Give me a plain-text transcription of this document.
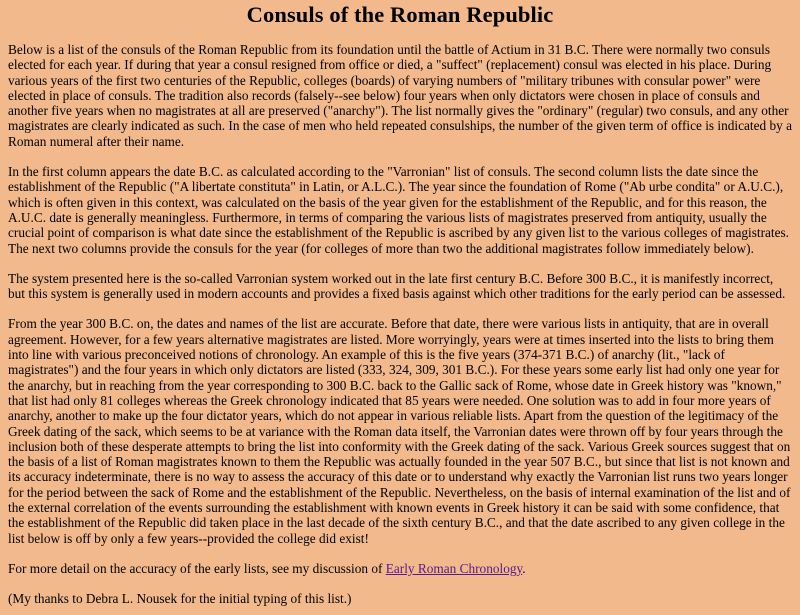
Consuls of the Roman Republic

Below is a list of the consuls of the Roman Republic from its foundation until the battle of Actium in 31 B.C. There were normally two consuls elected for each year. If during that year a consul resigned from office or died, a "suffect" (replacement) consul was elected in his place. During various years of the first two centuries of the Republic, colleges (boards) of varying numbers of "military tribunes with consular power" were elected in place of consuls. The tradition also records (falsely--see below) four years when only dictators were chosen in place of consuls and another five years when no magistrates at all are preserved ("anarchy"). The list normally gives the "ordinary" (regular) two consuls, and any other magistrates are clearly indicated as such. In the case of men who held repeated consulships, the number of the given term of office is indicated by a Roman numeral after their name.

In the first column appears the date B.C. as calculated according to the "Varronian" list of consuls. The second column lists the date since the establishment of the Republic ("A libertate constituta" in Latin, or A.L.C.). The year since the foundation of Rome ("Ab urbe condita" or A.U.C.), which is often given in this context, was calculated on the basis of the year given for the establishment of the Republic, and for this reason, the A.U.C. date is generally meaningless. Furthermore, in terms of comparing the various lists of magistrates preserved from antiquity, usually the crucial point of comparison is what date since the establishment of the Republic is ascribed by any given list to the various colleges of magistrates. The next two columns provide the consuls for the year (for colleges of more than two the additional magistrates follow immediately below).

The system presented here is the so-called Varronian system worked out in the late first century B.C. Before 300 B.C., it is manifestly incorrect, but this system is generally used in modern accounts and provides a fixed basis against which other traditions for the early period can be assessed.

From the year 300 B.C. on, the dates and names of the list are accurate. Before that date, there were various lists in antiquity, that are in overall agreement. However, for a few years alternative magistrates are listed. More worryingly, years were at times inserted into the lists to bring them into line with various preconceived notions of chronology. An example of this is the five years (374-371 B.C.) of anarchy (lit., "lack of magistrates") and the four years in which only dictators are listed (333, 324, 309, 301 B.C.). For these years some early list had only one year for the anarchy, but in reaching from the year corresponding to 300 B.C. back to the Gallic sack of Rome, whose date in Greek history was "known," that list had only 81 colleges whereas the Greek chronology indicated that 85 years were needed. One solution was to add in four more years of anarchy, another to make up the four dictator years, which do not appear in various reliable lists. Apart from the question of the legitimacy of the Greek dating of the sack, which seems to be at variance with the Roman data itself, the Varronian dates were thrown off by four years through the inclusion both of these desperate attempts to bring the list into conformity with the Greek dating of the sack. Various Greek sources suggest that on the basis of a list of Roman magistrates known to them the Republic was actually founded in the year 507 B.C., but since that list is not known and its accuracy indeterminate, there is no way to assess the accuracy of this date or to understand why exactly the Varronian list runs two years longer for the period between the sack of Rome and the establishment of the Republic. Nevertheless, on the basis of internal examination of the list and of the external correlation of the events surrounding the establishment with known events in Greek history it can be said with some confidence, that the establishment of the Republic did taken place in the last decade of the sixth century B.C., and that the date ascribed to any given college in the list below is off by only a few years--provided the college did exist!

For more detail on the accuracy of the early lists, see my discussion of Early Roman Chronology.

(My thanks to Debra L. Nousek for the initial typing of this list.)
